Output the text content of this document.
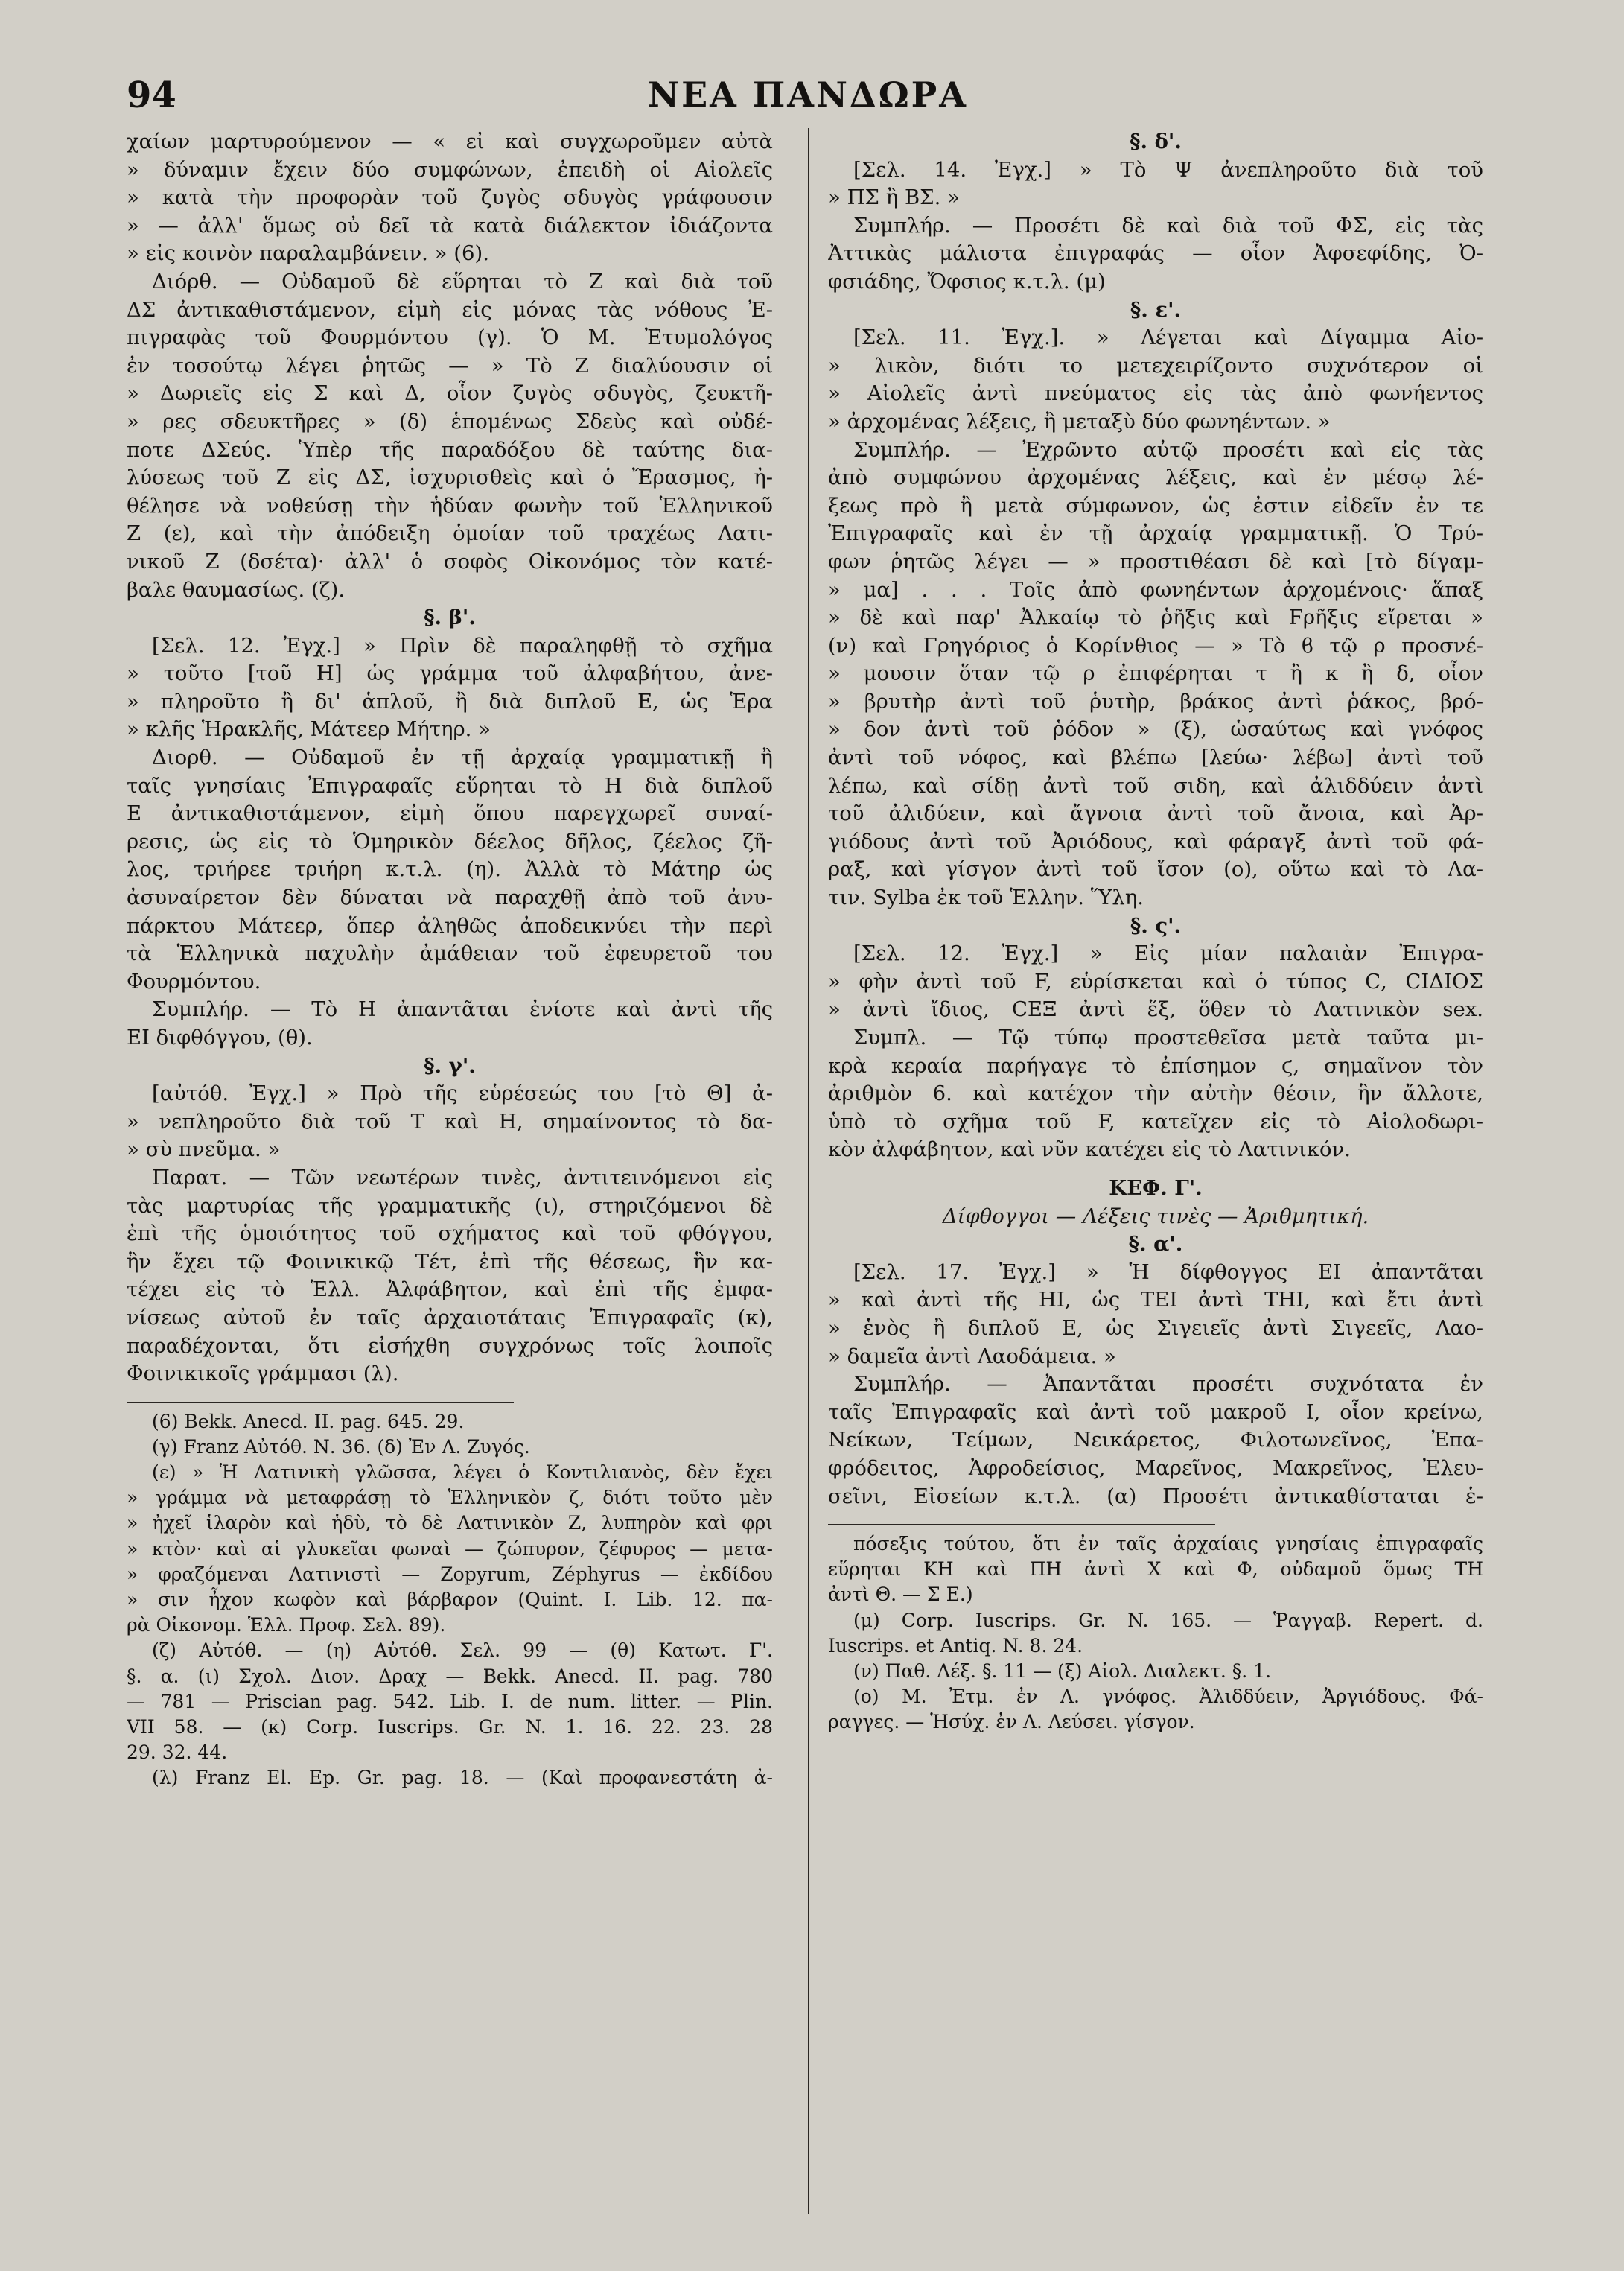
94	ΝΕΑ ΠΑΝΔΩΡΑ
χαίων μαρτυρούμενον — « εἰ καὶ συγχωροῦμεν αὐτὰ
» δύναμιν ἔχειν δύο συμφώνων, ἐπειδὴ οἱ Αἰολεῖς
» κατὰ τὴν προφορὰν τοῦ ζυγὸς σδυγὸς γράφουσιν
» — ἀλλ' ὅμως οὐ δεῖ τὰ κατὰ διάλεκτον ἰδιάζοντα
» εἰς κοινὸν παραλαμβάνειν. » (6).
Διόρθ. — Οὐδαμοῦ δὲ εὕρηται τὸ Ζ καὶ διὰ τοῦ
ΔΣ ἀντικαθιστάμενον, εἰμὴ εἰς μόνας τὰς νόθους Ἐ-
πιγραφὰς τοῦ Φουρμόντου (γ). Ὁ Μ. Ἐτυμολόγος
ἐν τοσούτῳ λέγει ῥητῶς — » Τὸ Ζ διαλύουσιν οἱ
» Δωριεῖς εἰς Σ καὶ Δ, οἷον ζυγὸς σδυγὸς, ζευκτῆ-
» ρες σδευκτῆρες » (δ) ἑπομένως Σδεὺς καὶ οὐδέ-
ποτε ΔΣεύς. Ὑπὲρ τῆς παραδόξου δὲ ταύτης δια-
λύσεως τοῦ Ζ εἰς ΔΣ, ἰσχυρισθεὶς καὶ ὁ Ἔρασμος, ἠ-
θέλησε νὰ νοθεύσῃ τὴν ἡδύαν φωνὴν τοῦ Ἑλληνικοῦ
Ζ (ε), καὶ τὴν ἀπόδειξη ὁμοίαν τοῦ τραχέως Λατι-
νικοῦ Ζ (δσέτα)· ἀλλ' ὁ σοφὸς Οἰκονόμος τὸν κατέ-
βαλε θαυμασίως. (ζ).
§. β'.
[Σελ. 12. Ἐγχ.] » Πρὶν δὲ παραληφθῇ τὸ σχῆμα
» τοῦτο [τοῦ Η] ὡς γράμμα τοῦ ἀλφαβήτου, ἀνε-
» πληροῦτο ἢ δι' ἁπλοῦ, ἢ διὰ διπλοῦ Ε, ὡς Ἑρα
» κλῆς Ἡρακλῆς, Μάτεερ Μήτηρ. »
Διορθ. — Οὐδαμοῦ ἐν τῇ ἀρχαίᾳ γραμματικῇ ἢ
ταῖς γνησίαις Ἐπιγραφαῖς εὕρηται τὸ Η διὰ διπλοῦ
Ε ἀντικαθιστάμενον, εἰμὴ ὅπου παρεγχωρεῖ συναί-
ρεσις, ὡς εἰς τὸ Ὁμηρικὸν δέελος δῆλος, ζέελος ζῆ-
λος, τριήρεε τριήρη κ.τ.λ. (η). Ἀλλὰ τὸ Μάτηρ ὡς
ἀσυναίρετον δὲν δύναται νὰ παραχθῇ ἀπὸ τοῦ ἀνυ-
πάρκτου Μάτεερ, ὅπερ ἀληθῶς ἀποδεικνύει τὴν περὶ
τὰ Ἑλληνικὰ παχυλὴν ἀμάθειαν τοῦ ἐφευρετοῦ του
Φουρμόντου.
Συμπλήρ. — Τὸ Η ἀπαντᾶται ἐνίοτε καὶ ἀντὶ τῆς
ΕΙ διφθόγγου, (θ).
§. γ'.
[αὐτόθ. Ἐγχ.] » Πρὸ τῆς εὑρέσεώς του [τὸ Θ] ἀ-
» νεπληροῦτο διὰ τοῦ Τ καὶ Η, σημαίνοντος τὸ δα-
» σὺ πνεῦμα. »
Παρατ. — Τῶν νεωτέρων τινὲς, ἀντιτεινόμενοι εἰς
τὰς μαρτυρίας τῆς γραμματικῆς (ι), στηριζόμενοι δὲ
ἐπὶ τῆς ὁμοιότητος τοῦ σχήματος καὶ τοῦ φθόγγου,
ἣν ἔχει τῷ Φοινικικῷ Τέτ, ἐπὶ τῆς θέσεως, ἣν κα-
τέχει εἰς τὸ Ἑλλ. Ἀλφάβητον, καὶ ἐπὶ τῆς ἐμφα-
νίσεως αὐτοῦ ἐν ταῖς ἀρχαιοτάταις Ἐπιγραφαῖς (κ),
παραδέχονται, ὅτι εἰσήχθη συγχρόνως τοῖς λοιποῖς
Φοινικικοῖς γράμμασι (λ).
(6) Bekk. Anecd. II. pag. 645. 29.
(γ) Franz Αὐτόθ. Ν. 36. (δ) Ἐν Λ. Ζυγός.
(ε) » Ἡ Λατινικὴ γλῶσσα, λέγει ὁ Κοντιλιανὸς, δὲν ἔχει
» γράμμα νὰ μεταφράσῃ τὸ Ἑλληνικὸν ζ, διότι τοῦτο μὲν
» ἠχεῖ ἱλαρὸν καὶ ἡδὺ, τὸ δὲ Λατινικὸν Ζ, λυπηρὸν καὶ φρι
» κτὸν· καὶ αἱ γλυκεῖαι φωναὶ — ζώπυρον, ζέφυρος — μετα-
» φραζόμεναι Λατινιστὶ — Zopyrum, Zéphyrus — ἐκδίδου
» σιν ἦχον κωφὸν καὶ βάρβαρον (Quint. I. Lib. 12. πα-
ρὰ Οἰκονομ. Ἑλλ. Προφ. Σελ. 89).
(ζ) Αὐτόθ. — (η) Αὐτόθ. Σελ. 99 — (θ) Κατωτ. Γ'.
§. α. (ι) Σχολ. Διον. Δραχ — Bekk. Anecd. II. pag. 780
— 781 — Priscian pag. 542. Lib. I. de num. litter. — Plin.
VII 58. — (κ) Corp. Iuscrips. Gr. N. 1. 16. 22. 23. 28
29. 32. 44.
(λ) Franz El. Ep. Gr. pag. 18. — (Καὶ προφανεστάτη ἀ-
§. δ'.
[Σελ. 14. Ἐγχ.] » Τὸ Ψ ἀνεπληροῦτο διὰ τοῦ
» ΠΣ ἢ ΒΣ. »
Συμπλήρ. — Προσέτι δὲ καὶ διὰ τοῦ ΦΣ, εἰς τὰς
Ἀττικὰς μάλιστα ἐπιγραφάς — οἷον Ἀφσεφίδης, Ὀ-
φσιάδης, Ὄφσιος κ.τ.λ. (μ)
§. ε'.
[Σελ. 11. Ἐγχ.]. » Λέγεται καὶ Δίγαμμα Αἰο-
» λικὸν, διότι το μετεχειρίζοντο συχνότερον οἱ
» Αἰολεῖς ἀντὶ πνεύματος εἰς τὰς ἀπὸ φωνήεντος
» ἀρχομένας λέξεις, ἢ μεταξὺ δύο φωνηέντων. »
Συμπλήρ. — Ἐχρῶντο αὐτῷ προσέτι καὶ εἰς τὰς
ἀπὸ συμφώνου ἀρχομένας λέξεις, καὶ ἐν μέσῳ λέ-
ξεως πρὸ ἢ μετὰ σύμφωνον, ὡς ἐστιν εἰδεῖν ἐν τε
Ἐπιγραφαῖς καὶ ἐν τῇ ἀρχαίᾳ γραμματικῇ. Ὁ Τρύ-
φων ῥητῶς λέγει — » προστιθέασι δὲ καὶ [τὸ δίγαμ-
» μα] . . . Τοῖς ἀπὸ φωνηέντων ἀρχομένοις· ἅπαξ
» δὲ καὶ παρ' Ἀλκαίῳ τὸ ῥῆξις καὶ Ϝρῆξις εἴρεται »
(ν) καὶ Γρηγόριος ὁ Κορίνθιος — » Τὸ ϐ τῷ ρ προσνέ-
» μουσιν ὅταν τῷ ρ ἐπιφέρηται τ ἢ κ ἢ δ, οἷον
» βρυτὴρ ἀντὶ τοῦ ῥυτὴρ, βράκος ἀντὶ ῥάκος, βρό-
» δον ἀντὶ τοῦ ῥόδον » (ξ), ὡσαύτως καὶ γνόφος
ἀντὶ τοῦ νόφος, καὶ βλέπω [λεύω· λέβω] ἀντὶ τοῦ
λέπω, καὶ σίδῃ ἀντὶ τοῦ σιδη, καὶ ἀλιδδύειν ἀντὶ
τοῦ ἀλιδύειν, καὶ ἄγνοια ἀντὶ τοῦ ἄνοια, καὶ Ἀρ-
γιόδους ἀντὶ τοῦ Ἀριόδους, καὶ φάραγξ ἀντὶ τοῦ φά-
ραξ, καὶ γίσγον ἀντὶ τοῦ ἴσον (ο), οὕτω καὶ τὸ Λα-
τιν. Sylba ἐκ τοῦ Ἑλλην. Ὕλη.
§. ς'.
[Σελ. 12. Ἐγχ.] » Εἰς μίαν παλαιὰν Ἐπιγρα-
» φὴν ἀντὶ τοῦ F, εὑρίσκεται καὶ ὁ τύπος Ϲ, ϹΙΔΙΟΣ
» ἀντὶ ἴδιος, ϹΕΞ ἀντὶ ἕξ, ὅθεν τὸ Λατινικὸν sex.
Συμπλ. — Τῷ τύπῳ προστεθεῖσα μετὰ ταῦτα μι-
κρὰ κεραία παρήγαγε τὸ ἐπίσημον ϛ, σημαῖνον τὸν
ἀριθμὸν 6. καὶ κατέχον τὴν αὐτὴν θέσιν, ἣν ἄλλοτε,
ὑπὸ τὸ σχῆμα τοῦ F, κατεῖχεν εἰς τὸ Αἰολοδωρι-
κὸν ἀλφάβητον, καὶ νῦν κατέχει εἰς τὸ Λατινικόν.
ΚΕΦ. Γ'.
Δίφθογγοι — Λέξεις τινὲς — Ἀριθμητική.
§. α'.
[Σελ. 17. Ἐγχ.] » Ἡ δίφθογγος ΕΙ ἀπαντᾶται
» καὶ ἀντὶ τῆς ΗΙ, ὡς ΤΕΙ ἀντὶ ΤΗΙ, καὶ ἔτι ἀντὶ
» ἑνὸς ἢ διπλοῦ Ε, ὡς Σιγειεῖς ἀντὶ Σιγεεῖς, Λαο-
» δαμεῖα ἀντὶ Λαοδάμεια. »
Συμπλήρ. — Ἀπαντᾶται προσέτι συχνότατα ἐν
ταῖς Ἐπιγραφαῖς καὶ ἀντὶ τοῦ μακροῦ Ι, οἷον κρείνω,
Νείκων, Τείμων, Νεικάρετος, Φιλοτωνεῖνος, Ἐπα-
φρόδειτος, Ἀφροδείσιος, Μαρεῖνος, Μακρεῖνος, Ἐλευ-
σεῖνι, Εἰσείων κ.τ.λ. (α) Προσέτι ἀντικαθίσταται ἑ-
πόσεξις τούτου, ὅτι ἐν ταῖς ἀρχαίαις γνησίαις ἐπιγραφαῖς
εὕρηται ΚΗ καὶ ΠΗ ἀντὶ Χ καὶ Φ, οὐδαμοῦ ὅμως ΤΗ
ἀντὶ Θ. — Σ Ε.)
(μ) Corp. Iuscrips. Gr. N. 165. — Ῥαγγαβ. Repert. d.
Iuscrips. et Antiq. N. 8. 24.
(ν) Παθ. Λέξ. §. 11 — (ξ) Αἰολ. Διαλεκτ. §. 1.
(ο) Μ. Ἐτμ. ἐν Λ. γνόφος. Ἀλιδδύειν, Ἀργιόδους. Φά-
ραγγες. — Ἡσύχ. ἐν Λ. Λεύσει. γίσγον.
